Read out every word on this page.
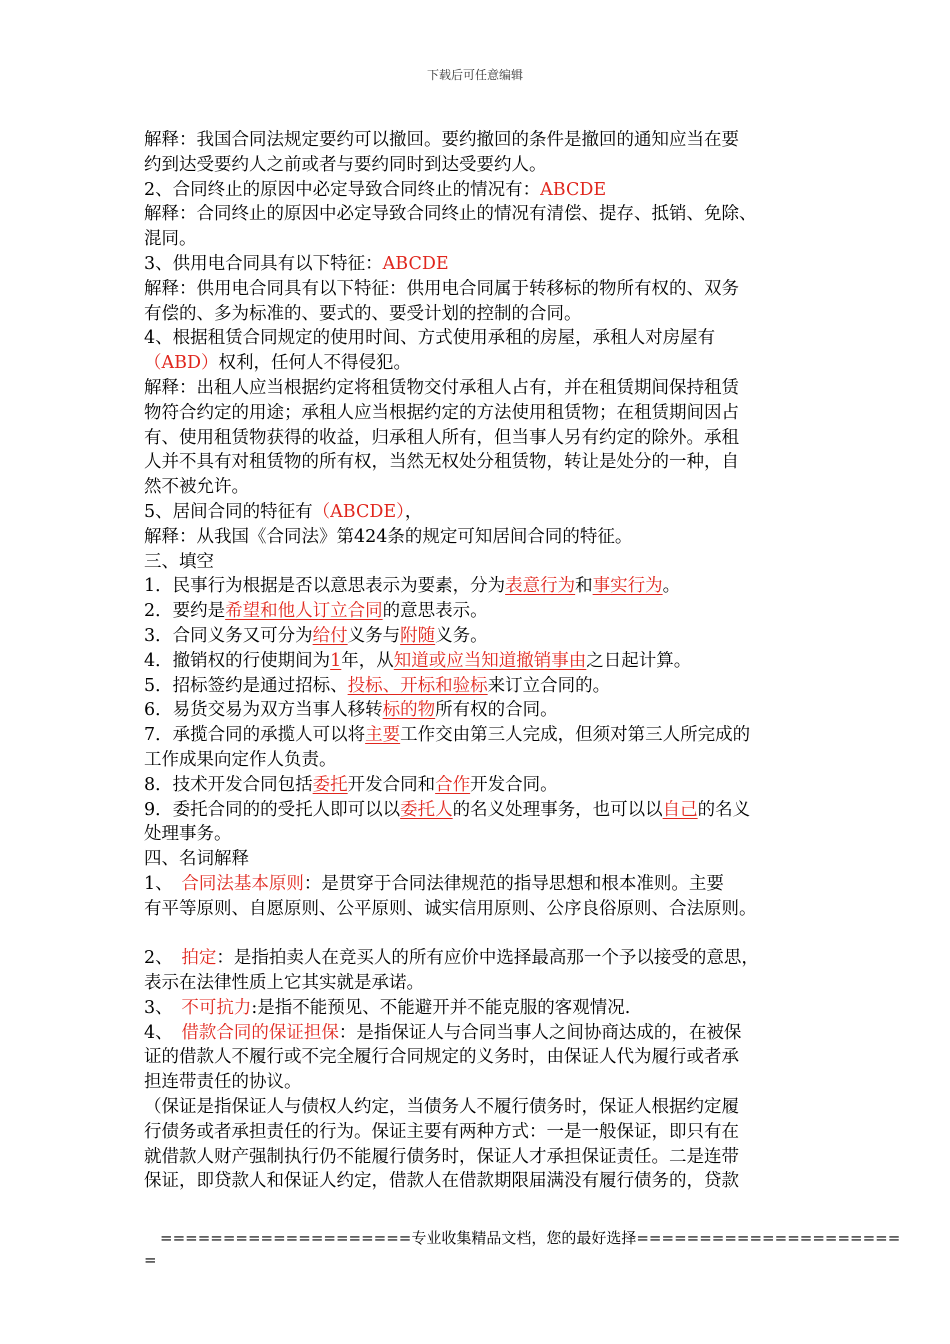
下载后可任意编辑
解释：我国合同法规定要约可以撤回。要约撤回的条件是撤回的通知应当在要
约到达受要约人之前或者与要约同时到达受要约人。
2、合同终止的原因中必定导致合同终止的情况有：ABCDE
解释：合同终止的原因中必定导致合同终止的情况有清偿、提存、抵销、免除、
混同。
3、供用电合同具有以下特征：ABCDE
解释：供用电合同具有以下特征：供用电合同属于转移标的物所有权的、双务
有偿的、多为标准的、要式的、要受计划的控制的合同。
4、根据租赁合同规定的使用时间、方式使用承租的房屋，承租人对房屋有
（ABD）权利，任何人不得侵犯。
解释：出租人应当根据约定将租赁物交付承租人占有，并在租赁期间保持租赁
物符合约定的用途；承租人应当根据约定的方法使用租赁物；在租赁期间因占
有、使用租赁物获得的收益，归承租人所有，但当事人另有约定的除外。承租
人并不具有对租赁物的所有权，当然无权处分租赁物，转让是处分的一种，自
然不被允许。
5、居间合同的特征有（ABCDE），
解释：从我国《合同法》第424条的规定可知居间合同的特征。
三、填空
1．民事行为根据是否以意思表示为要素，分为表意行为和事实行为。
2．要约是希望和他人订立合同的意思表示。
3．合同义务又可分为给付义务与附随义务。
4．撤销权的行使期间为1年，从知道或应当知道撤销事由之日起计算。
5．招标签约是通过招标、投标、开标和验标来订立合同的。
6．易货交易为双方当事人移转标的物所有权的合同。
7．承揽合同的承揽人可以将主要工作交由第三人完成，但须对第三人所完成的
工作成果向定作人负责。
8．技术开发合同包括委托开发合同和合作开发合同。
9．委托合同的的受托人即可以以委托人的名义处理事务，也可以以自己的名义
处理事务。
四、名词解释
1、　合同法基本原则：是贯穿于合同法律规范的指导思想和根本准则。主要
有平等原则、自愿原则、公平原则、诚实信用原则、公序良俗原则、合法原则。
2、　拍定：是指拍卖人在竞买人的所有应价中选择最高那一个予以接受的意思，
表示在法律性质上它其实就是承诺。
3、　不可抗力:是指不能预见、不能避开并不能克服的客观情况.
4、　借款合同的保证担保：是指保证人与合同当事人之间协商达成的，在被保
证的借款人不履行或不完全履行合同规定的义务时，由保证人代为履行或者承
担连带责任的协议。
（保证是指保证人与债权人约定，当债务人不履行债务时，保证人根据约定履
行债务或者承担责任的行为。保证主要有两种方式：一是一般保证，即只有在
就借款人财产强制执行仍不能履行债务时，保证人才承担保证责任。二是连带
保证，即贷款人和保证人约定，借款人在借款期限届满没有履行债务的，贷款
====================专业收集精品文档，您的最好选择=====================
=
